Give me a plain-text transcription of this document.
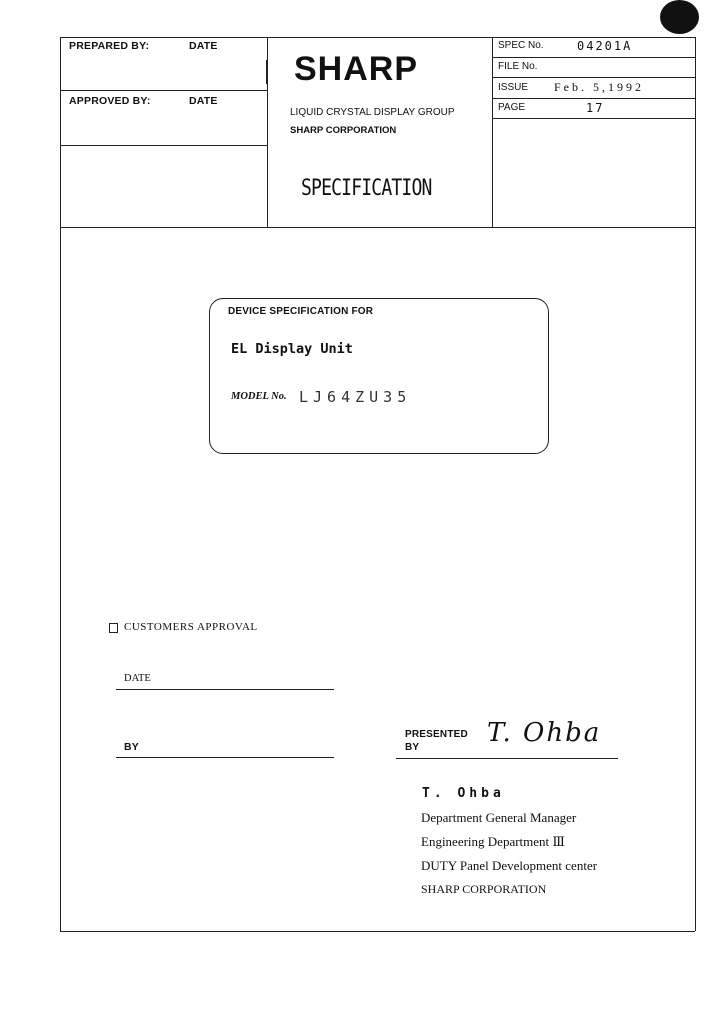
PREPARED BY:	DATE
APPROVED BY:	DATE
SHARP
LIQUID CRYSTAL DISPLAY GROUP
SHARP CORPORATION
SPECIFICATION
SPEC No.	04201A
FILE No.
ISSUE Feb. 5,1992
PAGE	17
DEVICE SPECIFICATION FOR
EL Display Unit
MODEL No. LJ64ZU35
CUSTOMERS APPROVAL
DATE
BY
PRESENTED
BY	T. Ohba
T. Ohba
Department General Manager
Engineering Department Ⅲ
DUTY Panel Development center
SHARP CORPORATION
